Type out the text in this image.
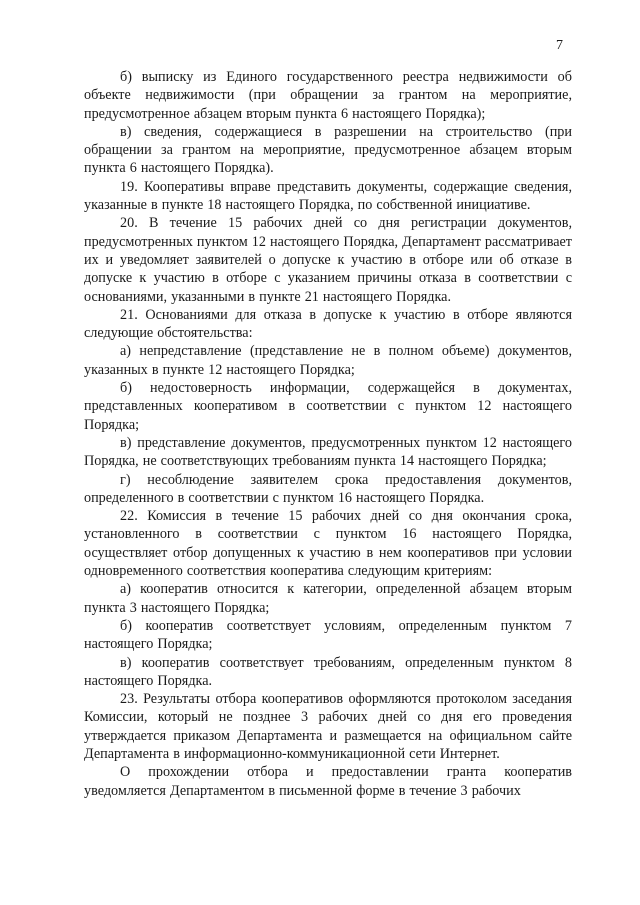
7

б) выписку из Единого государственного реестра недвижимости об объекте недвижимости (при обращении за грантом на мероприятие, предусмотренное абзацем вторым пункта 6 настоящего Порядка);

в) сведения, содержащиеся в разрешении на строительство (при обращении за грантом на мероприятие, предусмотренное абзацем вторым пункта 6 настоящего Порядка).

19. Кооперативы вправе представить документы, содержащие сведения, указанные в пункте 18 настоящего Порядка, по собственной инициативе.

20. В течение 15 рабочих дней со дня регистрации документов, предусмотренных пунктом 12 настоящего Порядка, Департамент рассматривает их и уведомляет заявителей о допуске к участию в отборе или об отказе в допуске к участию в отборе с указанием причины отказа в соответствии с основаниями, указанными в пункте 21 настоящего Порядка.

21. Основаниями для отказа в допуске к участию в отборе являются следующие обстоятельства:

а) непредставление (представление не в полном объеме) документов, указанных в пункте 12 настоящего Порядка;

б) недостоверность информации, содержащейся в документах, представленных кооперативом в соответствии с пунктом 12 настоящего Порядка;

в) представление документов, предусмотренных пунктом 12 настоящего Порядка, не соответствующих требованиям пункта 14 настоящего Порядка;

г) несоблюдение заявителем срока предоставления документов, определенного в соответствии с пунктом 16 настоящего Порядка.

22. Комиссия в течение 15 рабочих дней со дня окончания срока, установленного в соответствии с пунктом 16 настоящего Порядка, осуществляет отбор допущенных к участию в нем кооперативов при условии одновременного соответствия кооператива следующим критериям:

а) кооператив относится к категории, определенной абзацем вторым пункта 3 настоящего Порядка;

б) кооператив соответствует условиям, определенным пунктом 7 настоящего Порядка;

в) кооператив соответствует требованиям, определенным пунктом 8 настоящего Порядка.

23. Результаты отбора кооперативов оформляются протоколом заседания Комиссии, который не позднее 3 рабочих дней со дня его проведения утверждается приказом Департамента и размещается на официальном сайте Департамента в информационно-коммуникационной сети Интернет.

О прохождении отбора и предоставлении гранта кооператив уведомляется Департаментом в письменной форме в течение 3 рабочих
